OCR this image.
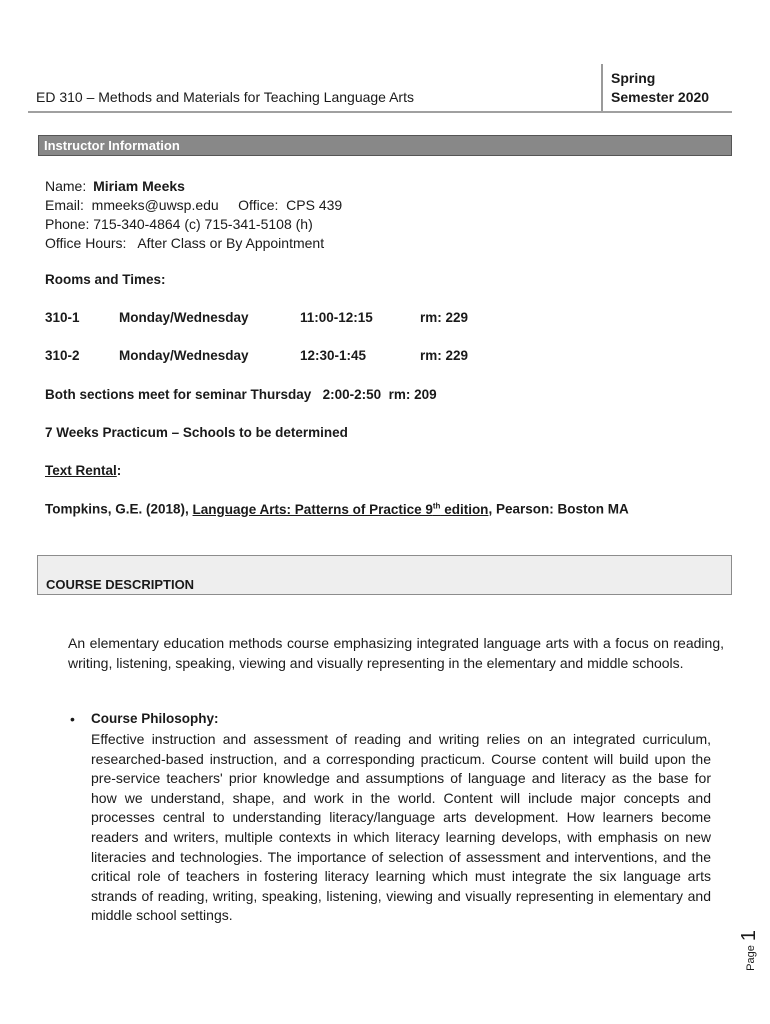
ED 310 – Methods and Materials for Teaching Language Arts
Spring
Semester 2020
Instructor Information
Name: Miriam Meeks
Email:  mmeeks@uwsp.edu     Office:  CPS 439
Phone: 715-340-4864 (c) 715-341-5108 (h)
Office Hours:   After Class or By Appointment
Rooms and Times:
310-1	Monday/Wednesday	11:00-12:15	rm: 229
310-2	Monday/Wednesday	12:30-1:45	rm: 229
Both sections meet for seminar Thursday   2:00-2:50  rm: 209
7 Weeks Practicum – Schools to be determined
Text Rental:
Tompkins, G.E. (2018), Language Arts: Patterns of Practice 9th edition, Pearson: Boston MA
COURSE DESCRIPTION
An elementary education methods course emphasizing integrated language arts with a focus on reading, writing, listening, speaking, viewing and visually representing in the elementary and middle schools.
• Course Philosophy:
Effective instruction and assessment of reading and writing relies on an integrated curriculum, researched-based instruction, and a corresponding practicum. Course content will build upon the pre-service teachers' prior knowledge and assumptions of language and literacy as the base for how we understand, shape, and work in the world. Content will include major concepts and processes central to understanding literacy/language arts development. How learners become readers and writers, multiple contexts in which literacy learning develops, with emphasis on new literacies and technologies. The importance of selection of assessment and interventions, and the critical role of teachers in fostering literacy learning which must integrate the six language arts strands of reading, writing, speaking, listening, viewing and visually representing in elementary and middle school settings.
1
Page
